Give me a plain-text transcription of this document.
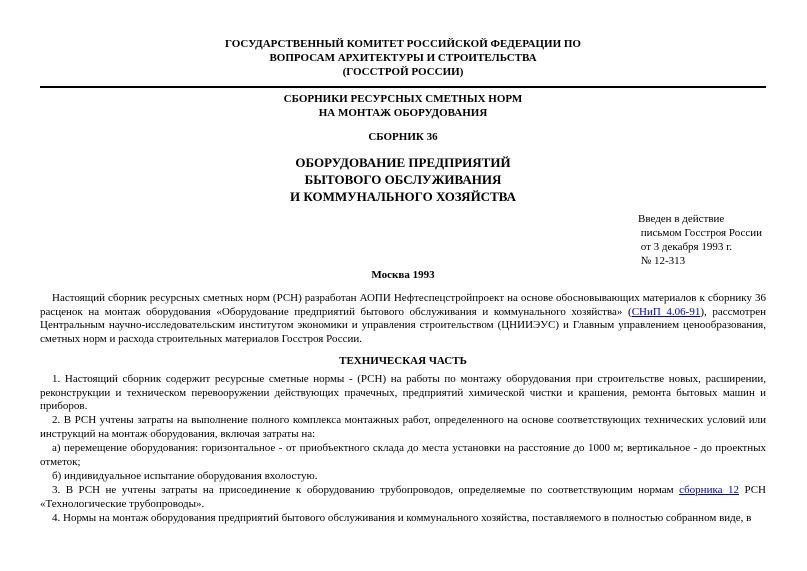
ГОСУДАРСТВЕННЫЙ КОМИТЕТ РОССИЙСКОЙ ФЕДЕРАЦИИ ПО
ВОПРОСАМ АРХИТЕКТУРЫ И СТРОИТЕЛЬСТВА
(ГОССТРОЙ РОССИИ)
СБОРНИКИ РЕСУРСНЫХ СМЕТНЫХ НОРМ
НА МОНТАЖ ОБОРУДОВАНИЯ
СБОРНИК 36
ОБОРУДОВАНИЕ ПРЕДПРИЯТИЙ
БЫТОВОГО ОБСЛУЖИВАНИЯ
И КОММУНАЛЬНОГО ХОЗЯЙСТВА
Введен в действие
письмом Госстроя России
от 3 декабря 1993 г.
№ 12-313
Москва 1993
Настоящий сборник ресурсных сметных норм (РСН) разработан АОПИ Нефтеспецстройпроект на основе обосновывающих материалов к сборнику 36 расценок на монтаж оборудования «Оборудование предприятий бытового обслуживания и коммунального хозяйства» (СНиП 4.06-91), рассмотрен Центральным научно-исследовательским институтом экономики и управления строительством (ЦНИИЭУС) и Главным управлением ценообразования, сметных норм и расхода строительных материалов Госстроя России.
ТЕХНИЧЕСКАЯ ЧАСТЬ
1. Настоящий сборник содержит ресурсные сметные нормы - (РСН) на работы по монтажу оборудования при строительстве новых, расширении, реконструкции и техническом перевооружении действующих прачечных, предприятий химической чистки и крашения, ремонта бытовых машин и приборов.
2. В РСН учтены затраты на выполнение полного комплекса монтажных работ, определенного на основе соответствующих технических условий или инструкций на монтаж оборудования, включая затраты на:
а) перемещение оборудования: горизонтальное - от приобъектного склада до места установки на расстояние до 1000 м; вертикальное - до проектных отметок;
б) индивидуальное испытание оборудования вхолостую.
3. В РСН не учтены затраты на присоединение к оборудованию трубопроводов, определяемые по соответствующим нормам сборника 12 РСН «Технологические трубопроводы».
4. Нормы на монтаж оборудования предприятий бытового обслуживания и коммунального хозяйства, поставляемого в полностью собранном виде, в
